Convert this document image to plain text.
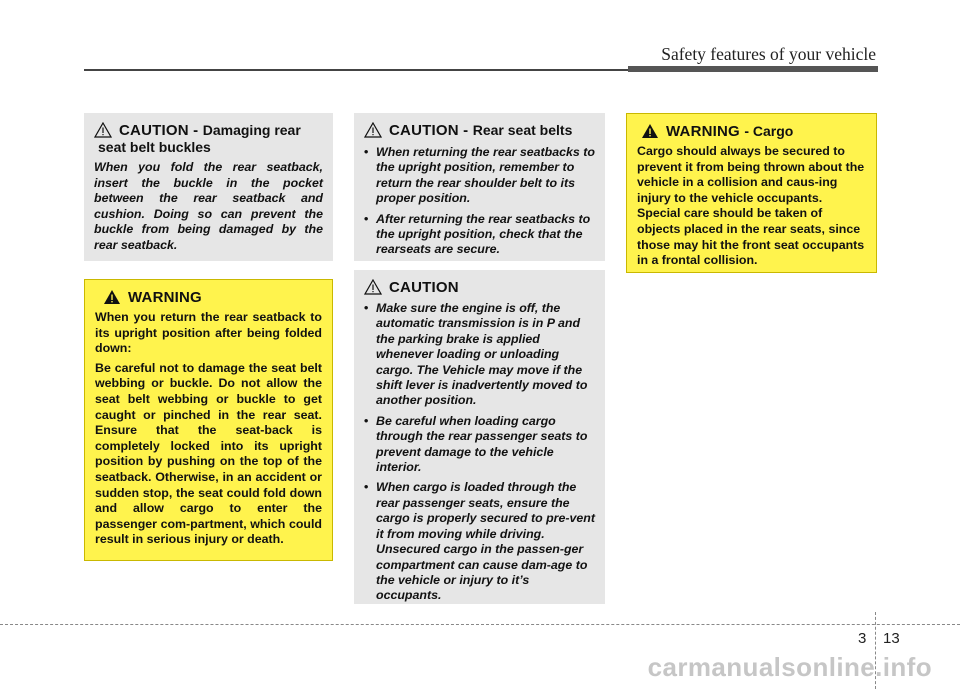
Safety features of your vehicle
CAUTION - Damaging rear
seat belt buckles
When you fold the rear seatback, insert the buckle in the pocket between the rear seatback and cushion. Doing so can prevent the buckle from being damaged by the rear seatback.
WARNING
When you return the rear seatback to its upright position after being folded down:
Be careful not to damage the seat belt webbing or buckle. Do not allow the seat belt webbing or buckle to get caught or pinched in the rear seat. Ensure that the seat-back is completely locked into its upright position by pushing on the top of the seatback. Otherwise, in an accident or sudden stop, the seat could fold down and allow cargo to enter the passenger com-partment, which could result in serious injury or death.
CAUTION - Rear seat belts
• When returning the rear seatbacks to the upright position, remember to return the rear shoulder belt to its proper position.
• After returning the rear seatbacks to the upright position, check that the rearseats are secure.
CAUTION
• Make sure the engine is off, the automatic transmission is in P and the parking brake is applied whenever loading or unloading cargo. The Vehicle may move if the shift lever is inadvertently moved to another position.
• Be careful when loading cargo through the rear passenger seats to prevent damage to the vehicle interior.
• When cargo is loaded through the rear passenger seats, ensure the cargo is properly secured to pre-vent it from moving while driving. Unsecured cargo in the passen-ger compartment can cause dam-age to the vehicle or injury to it’s occupants.
WARNING - Cargo
Cargo should always be secured to prevent it from being thrown about the vehicle in a collision and caus-ing injury to the vehicle occupants. Special care should be taken of objects placed in the rear seats, since those may hit the front seat occupants in a frontal collision.
3 13
carmanualsonline.info
